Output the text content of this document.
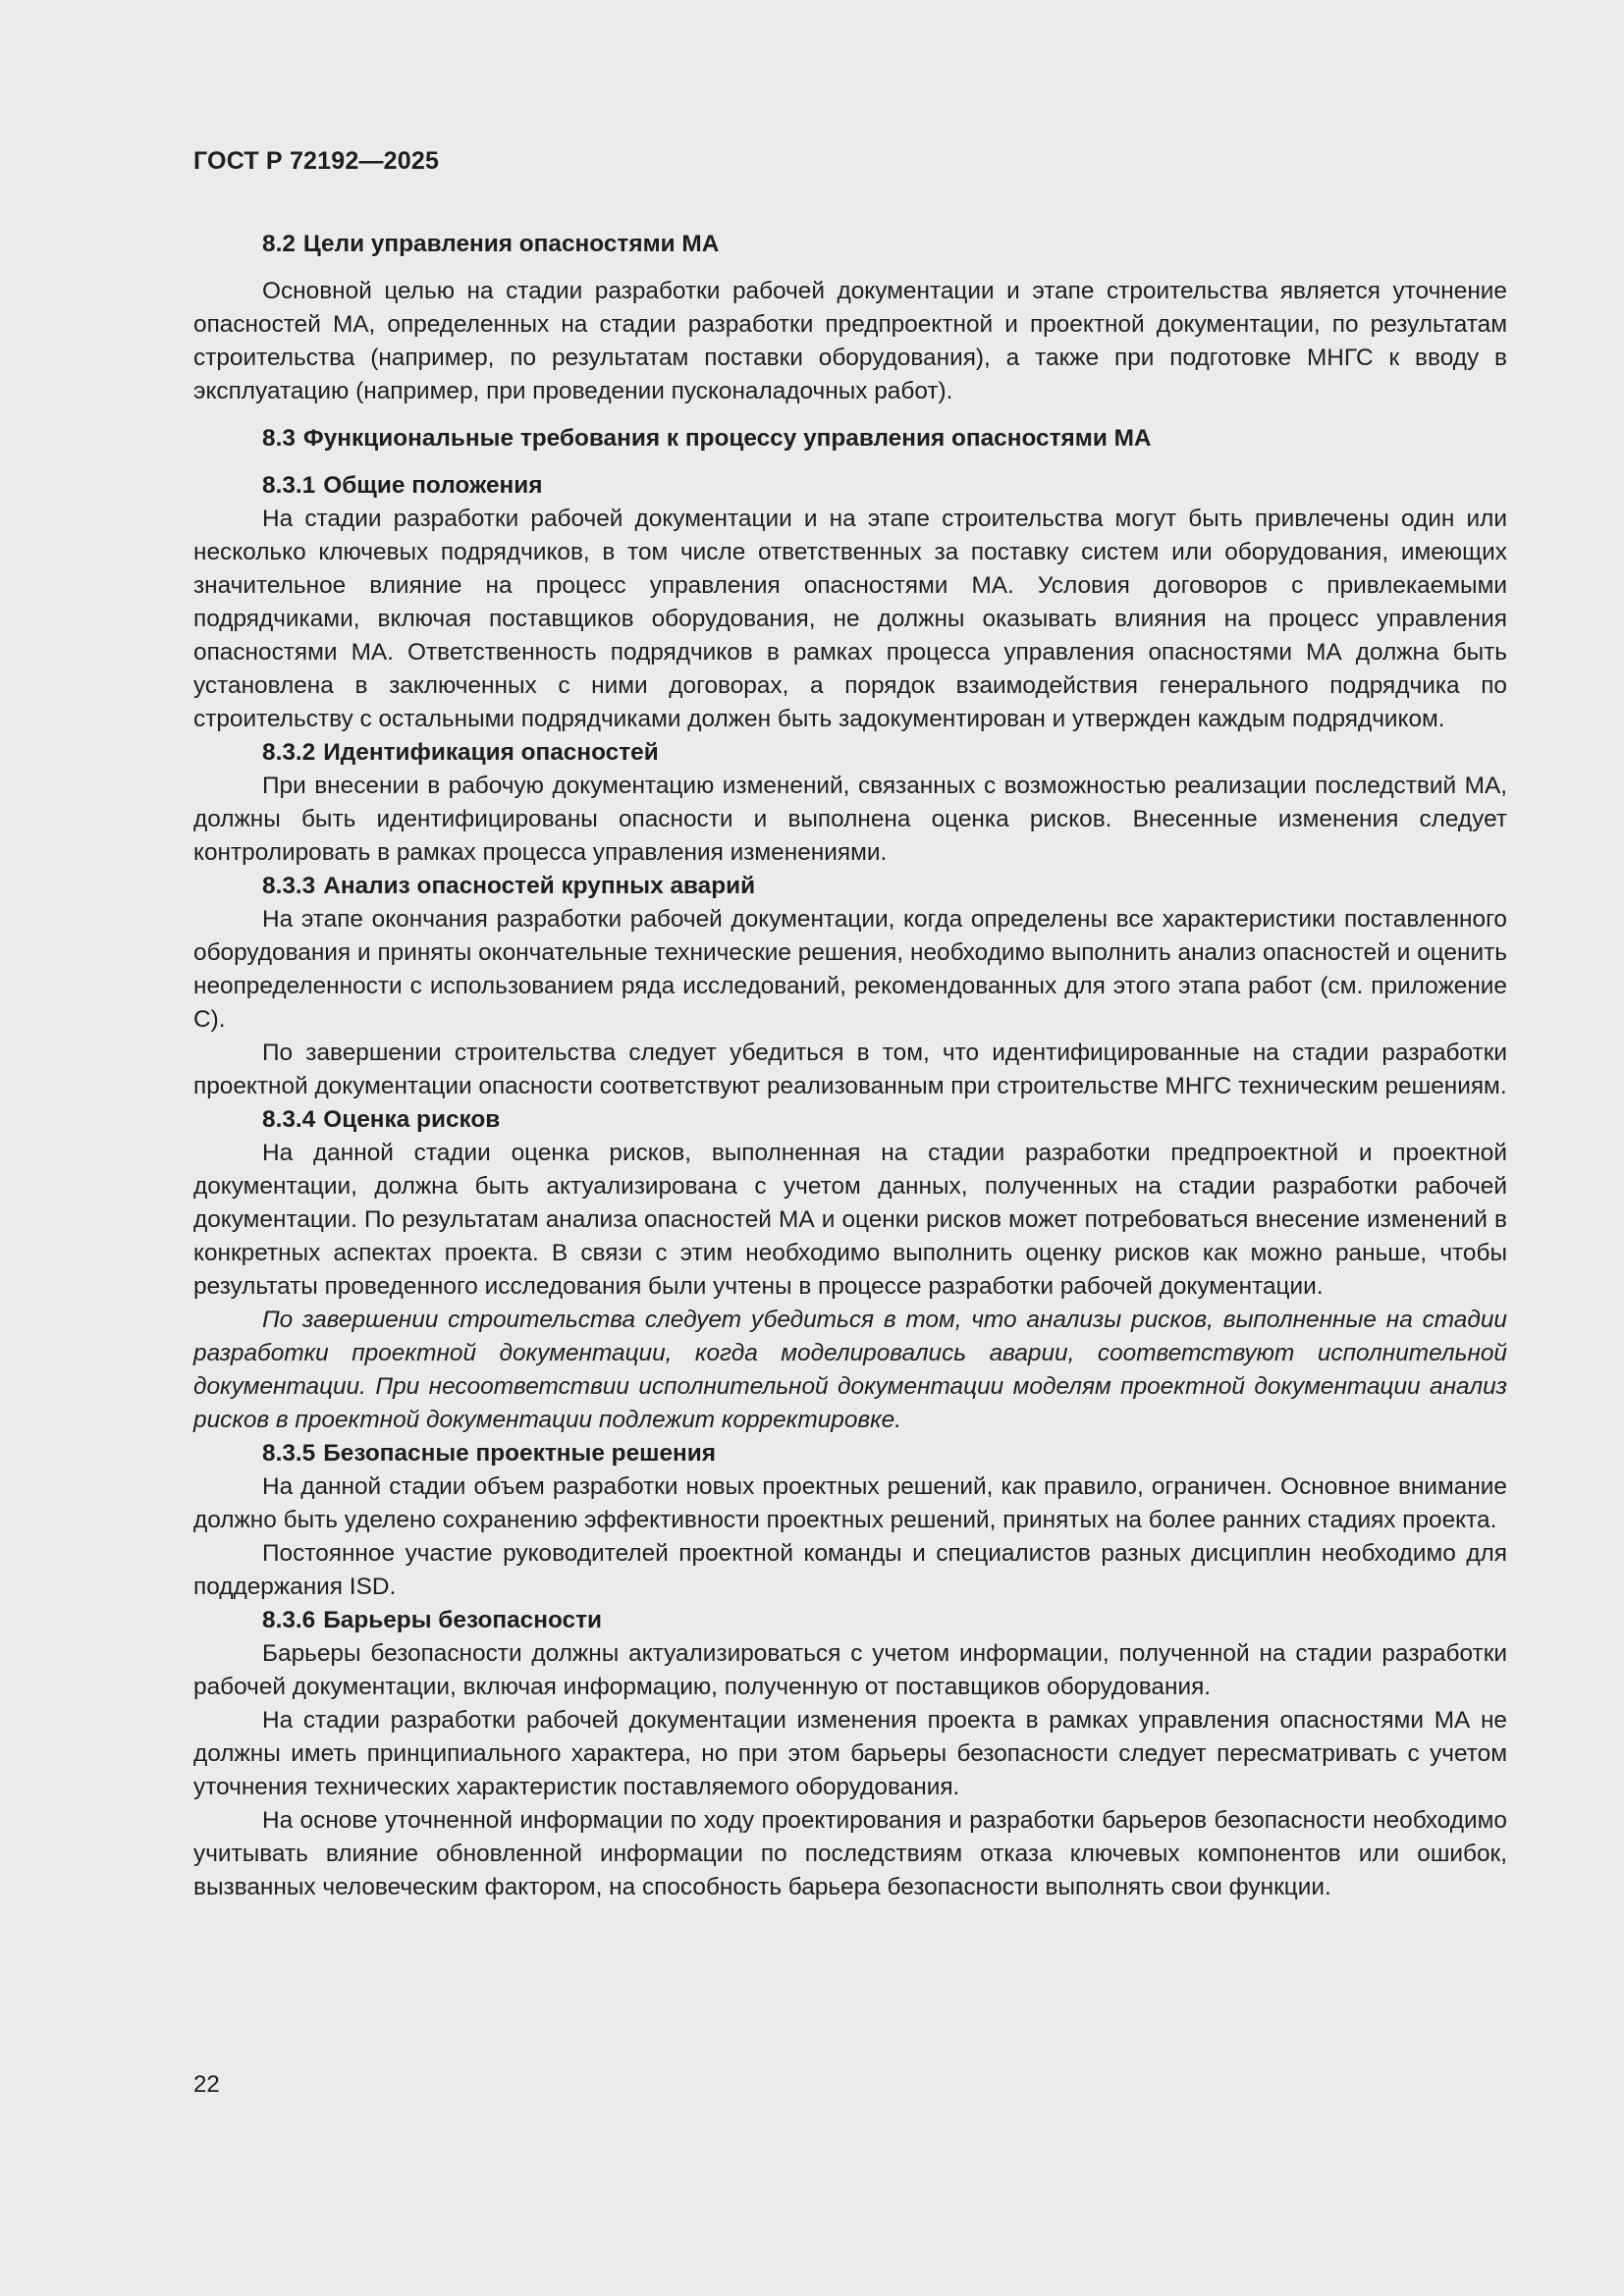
ГОСТ Р 72192—2025
8.2 Цели управления опасностями МА

Основной целью на стадии разработки рабочей документации и этапе строительства является уточнение опасностей МА, определенных на стадии разработки предпроектной и проектной документации, по результатам строительства (например, по результатам поставки оборудования), а также при подготовке МНГС к вводу в эксплуатацию (например, при проведении пусконаладочных работ).

8.3 Функциональные требования к процессу управления опасностями МА
8.3.1 Общие положения

На стадии разработки рабочей документации и на этапе строительства могут быть привлечены один или несколько ключевых подрядчиков, в том числе ответственных за поставку систем или оборудования, имеющих значительное влияние на процесс управления опасностями МА. Условия договоров с привлекаемыми подрядчиками, включая поставщиков оборудования, не должны оказывать влияния на процесс управления опасностями МА. Ответственность подрядчиков в рамках процесса управления опасностями МА должна быть установлена в заключенных с ними договорах, а порядок взаимодействия генерального подрядчика по строительству с остальными подрядчиками должен быть задокументирован и утвержден каждым подрядчиком.

8.3.2 Идентификация опасностей

При внесении в рабочую документацию изменений, связанных с возможностью реализации последствий МА, должны быть идентифицированы опасности и выполнена оценка рисков. Внесенные изменения следует контролировать в рамках процесса управления изменениями.

8.3.3 Анализ опасностей крупных аварий

На этапе окончания разработки рабочей документации, когда определены все характеристики поставленного оборудования и приняты окончательные технические решения, необходимо выполнить анализ опасностей и оценить неопределенности с использованием ряда исследований, рекомендованных для этого этапа работ (см. приложение С).

По завершении строительства следует убедиться в том, что идентифицированные на стадии разработки проектной документации опасности соответствуют реализованным при строительстве МНГС техническим решениям.

8.3.4 Оценка рисков

На данной стадии оценка рисков, выполненная на стадии разработки предпроектной и проектной документации, должна быть актуализирована с учетом данных, полученных на стадии разработки рабочей документации. По результатам анализа опасностей МА и оценки рисков может потребоваться внесение изменений в конкретных аспектах проекта. В связи с этим необходимо выполнить оценку рисков как можно раньше, чтобы результаты проведенного исследования были учтены в процессе разработки рабочей документации.

По завершении строительства следует убедиться в том, что анализы рисков, выполненные на стадии разработки проектной документации, когда моделировались аварии, соответствуют исполнительной документации. При несоответствии исполнительной документации моделям проектной документации анализ рисков в проектной документации подлежит корректировке.

8.3.5 Безопасные проектные решения

На данной стадии объем разработки новых проектных решений, как правило, ограничен. Основное внимание должно быть уделено сохранению эффективности проектных решений, принятых на более ранних стадиях проекта.

Постоянное участие руководителей проектной команды и специалистов разных дисциплин необходимо для поддержания ISD.

8.3.6 Барьеры безопасности

Барьеры безопасности должны актуализироваться с учетом информации, полученной на стадии разработки рабочей документации, включая информацию, полученную от поставщиков оборудования.

На стадии разработки рабочей документации изменения проекта в рамках управления опасностями МА не должны иметь принципиального характера, но при этом барьеры безопасности следует пересматривать с учетом уточнения технических характеристик поставляемого оборудования.

На основе уточненной информации по ходу проектирования и разработки барьеров безопасности необходимо учитывать влияние обновленной информации по последствиям отказа ключевых компонентов или ошибок, вызванных человеческим фактором, на способность барьера безопасности выполнять свои функции.

22
